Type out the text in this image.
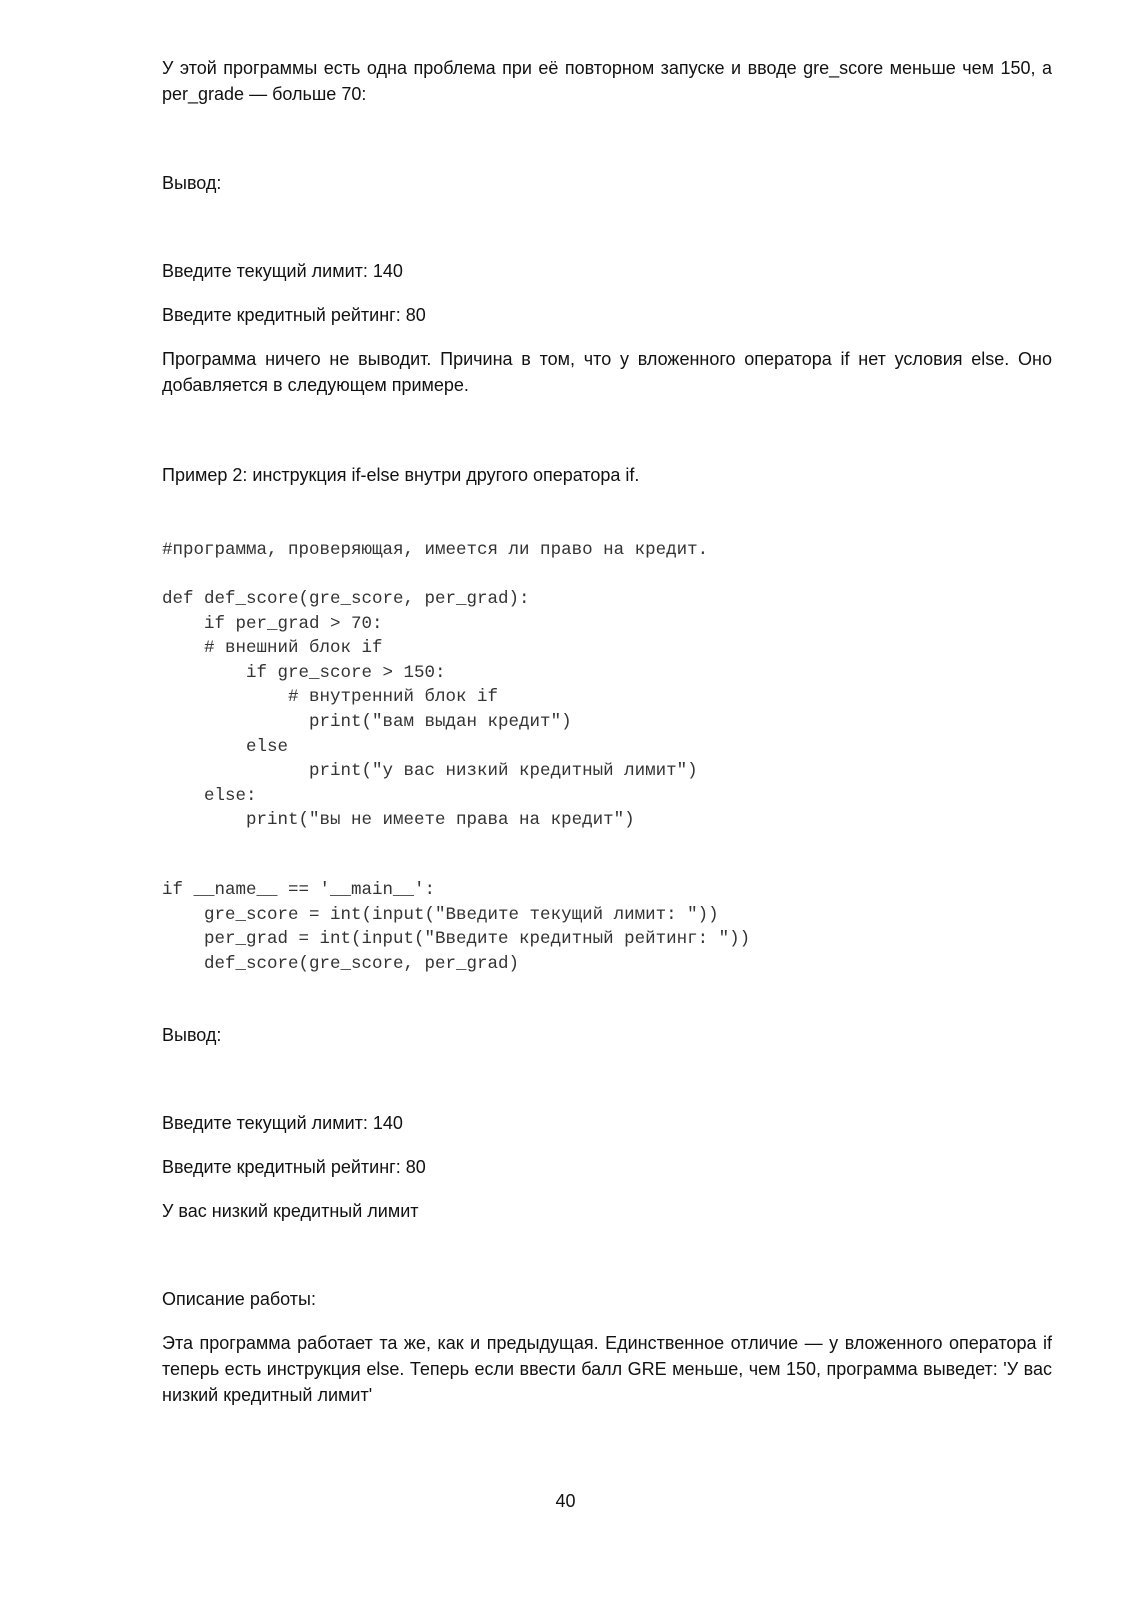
У этой программы есть одна проблема при её повторном запуске и вводе gre_score меньше чем 150, а per_grade — больше 70:

Вывод:

Введите текущий лимит: 140

Введите кредитный рейтинг: 80

Программа ничего не выводит. Причина в том, что у вложенного оператора if нет условия else. Оно добавляется в следующем примере.

Пример 2: инструкция if-else внутри другого оператора if.

#программа, проверяющая, имеется ли право на кредит.
def def_score(gre_score, per_grad):
if per_grad > 70:
# внешний блок if
if gre_score > 150:
# внутренний блок if
print("вам выдан кредит")
else
print("у вас низкий кредитный лимит")
else:
print("вы не имеете права на кредит")
if __name__ == '__main__':
gre_score = int(input("Введите текущий лимит: "))
per_grad = int(input("Введите кредитный рейтинг: "))
def_score(gre_score, per_grad)

Вывод:

Введите текущий лимит: 140

Введите кредитный рейтинг: 80

У вас низкий кредитный лимит

Описание работы:

Эта программа работает та же, как и предыдущая. Единственное отличие — у вложенного оператора if теперь есть инструкция else. Теперь если ввести балл GRE меньше, чем 150, программа выведет: 'У вас низкий кредитный лимит'

40
